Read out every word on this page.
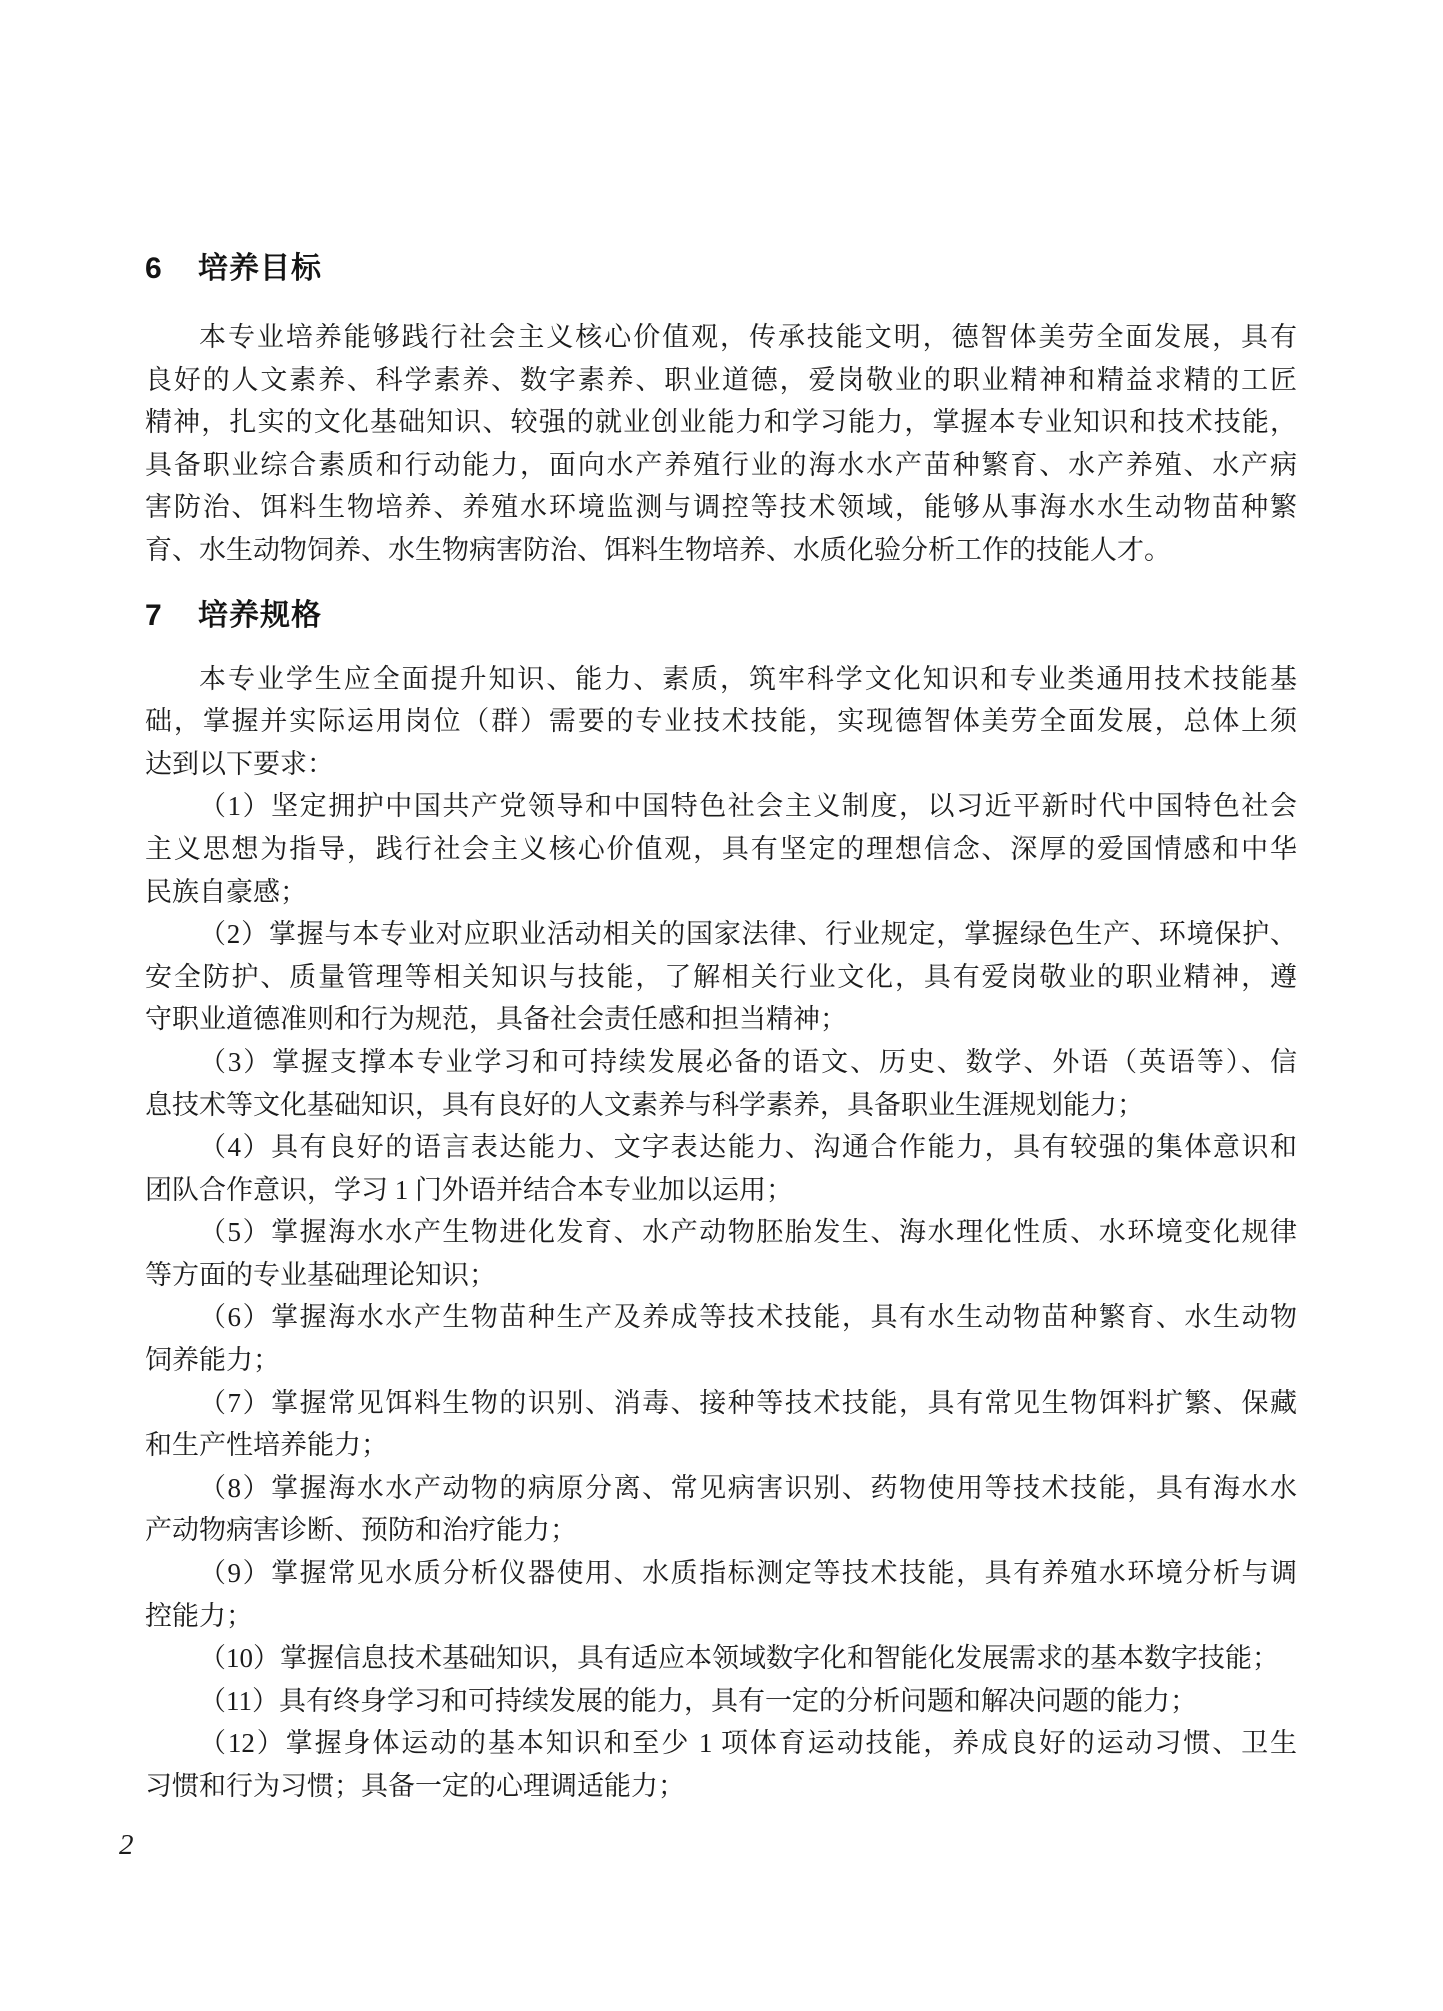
6 培养目标

本专业培养能够践行社会主义核心价值观，传承技能文明，德智体美劳全面发展，具有
良好的人文素养、科学素养、数字素养、职业道德，爱岗敬业的职业精神和精益求精的工匠
精神，扎实的文化基础知识、较强的就业创业能力和学习能力，掌握本专业知识和技术技能，
具备职业综合素质和行动能力，面向水产养殖行业的海水水产苗种繁育、水产养殖、水产病
害防治、饵料生物培养、养殖水环境监测与调控等技术领域，能够从事海水水生动物苗种繁
育、水生动物饲养、水生物病害防治、饵料生物培养、水质化验分析工作的技能人才。

7 培养规格

本专业学生应全面提升知识、能力、素质，筑牢科学文化知识和专业类通用技术技能基
础，掌握并实际运用岗位（群）需要的专业技术技能，实现德智体美劳全面发展，总体上须
达到以下要求：

（1）坚定拥护中国共产党领导和中国特色社会主义制度，以习近平新时代中国特色社会
主义思想为指导，践行社会主义核心价值观，具有坚定的理想信念、深厚的爱国情感和中华
民族自豪感；

（2）掌握与本专业对应职业活动相关的国家法律、行业规定，掌握绿色生产、环境保护、
安全防护、质量管理等相关知识与技能，了解相关行业文化，具有爱岗敬业的职业精神，遵
守职业道德准则和行为规范，具备社会责任感和担当精神；

（3）掌握支撑本专业学习和可持续发展必备的语文、历史、数学、外语（英语等）、信
息技术等文化基础知识，具有良好的人文素养与科学素养，具备职业生涯规划能力；

（4）具有良好的语言表达能力、文字表达能力、沟通合作能力，具有较强的集体意识和
团队合作意识，学习 1 门外语并结合本专业加以运用；

（5）掌握海水水产生物进化发育、水产动物胚胎发生、海水理化性质、水环境变化规律
等方面的专业基础理论知识；

（6）掌握海水水产生物苗种生产及养成等技术技能，具有水生动物苗种繁育、水生动物
饲养能力；

（7）掌握常见饵料生物的识别、消毒、接种等技术技能，具有常见生物饵料扩繁、保藏
和生产性培养能力；

（8）掌握海水水产动物的病原分离、常见病害识别、药物使用等技术技能，具有海水水
产动物病害诊断、预防和治疗能力；

（9）掌握常见水质分析仪器使用、水质指标测定等技术技能，具有养殖水环境分析与调
控能力；

（10）掌握信息技术基础知识，具有适应本领域数字化和智能化发展需求的基本数字技能；

（11）具有终身学习和可持续发展的能力，具有一定的分析问题和解决问题的能力；

（12）掌握身体运动的基本知识和至少 1 项体育运动技能，养成良好的运动习惯、卫生
习惯和行为习惯；具备一定的心理调适能力；

2
